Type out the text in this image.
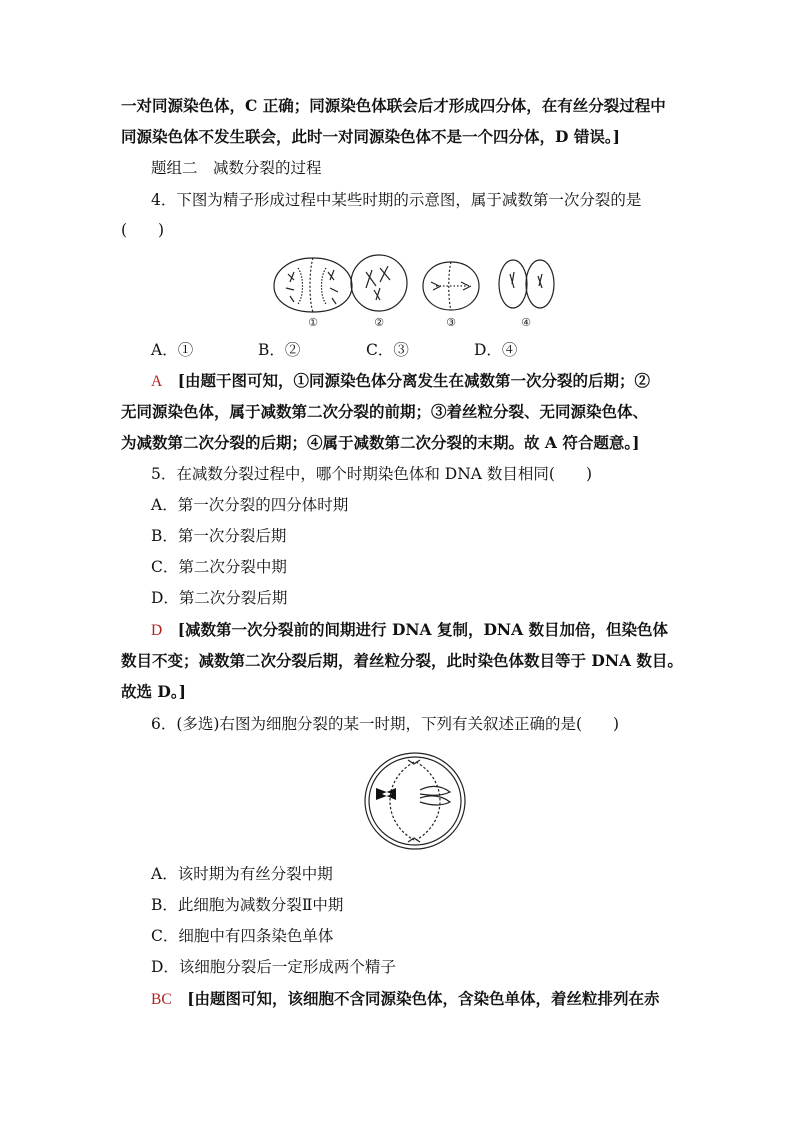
一对同源染色体，C 正确；同源染色体联会后才形成四分体，在有丝分裂过程中
同源染色体不发生联会，此时一对同源染色体不是一个四分体，D 错误。]
题组二　减数分裂的过程
4．下图为精子形成过程中某些时期的示意图，属于减数第一次分裂的是
(　　)
①	②	③	④
A．①	B．②	C．③	D．④
A　 [由题干图可知，①同源染色体分离发生在减数第一次分裂的后期；②
无同源染色体，属于减数第二次分裂的前期；③着丝粒分裂、无同源染色体、
为减数第二次分裂的后期；④属于减数第二次分裂的末期。故 A 符合题意。]
5．在减数分裂过程中，哪个时期染色体和 DNA 数目相同(　　)
A．第一次分裂的四分体时期
B．第一次分裂后期
C．第二次分裂中期
D．第二次分裂后期
D　 [减数第一次分裂前的间期进行 DNA 复制，DNA 数目加倍，但染色体
数目不变；减数第二次分裂后期，着丝粒分裂，此时染色体数目等于 DNA 数目。
故选 D。]
6．(多选)右图为细胞分裂的某一时期，下列有关叙述正确的是(　　)
A．该时期为有丝分裂中期
B．此细胞为减数分裂Ⅱ中期
C．细胞中有四条染色单体
D．该细胞分裂后一定形成两个精子
BC　 [由题图可知，该细胞不含同源染色体，含染色单体，着丝粒排列在赤
